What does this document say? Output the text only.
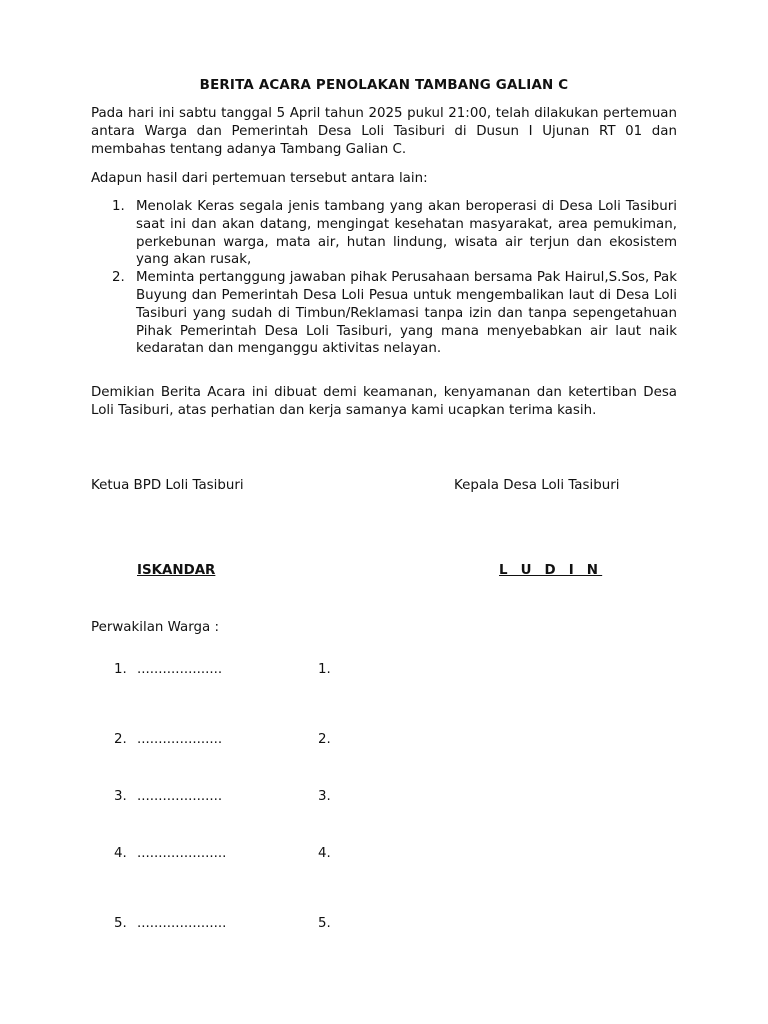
BERITA ACARA PENOLAKAN TAMBANG GALIAN C

Pada hari ini sabtu tanggal 5 April tahun 2025 pukul 21:00, telah dilakukan pertemuan antara Warga dan Pemerintah Desa Loli Tasiburi di Dusun I Ujunan RT 01 dan membahas tentang adanya Tambang Galian C.

Adapun hasil dari pertemuan tersebut antara lain:

1. Menolak Keras segala jenis tambang yang akan beroperasi di Desa Loli Tasiburi saat ini dan akan datang, mengingat kesehatan masyarakat, area pemukiman, perkebunan warga, mata air, hutan lindung, wisata air terjun dan ekosistem yang akan rusak,
2. Meminta pertanggung jawaban pihak Perusahaan bersama Pak Hairul,S.Sos, Pak Buyung dan Pemerintah Desa Loli Pesua untuk mengembalikan laut di Desa Loli Tasiburi yang sudah di Timbun/Reklamasi tanpa izin dan tanpa sepengetahuan Pihak Pemerintah Desa Loli Tasiburi, yang mana menyebabkan air laut naik kedaratan dan menganggu aktivitas nelayan.

Demikian Berita Acara ini dibuat demi keamanan, kenyamanan dan ketertiban Desa Loli Tasiburi, atas perhatian dan kerja samanya kami ucapkan terima kasih.

Ketua BPD Loli Tasiburi	Kepala Desa Loli Tasiburi

ISKANDAR	L U D I N

Perwakilan Warga :

1. ....................	1.
2. ....................	2.
3. ....................	3.
4. .....................	4.
5. .....................	5.
